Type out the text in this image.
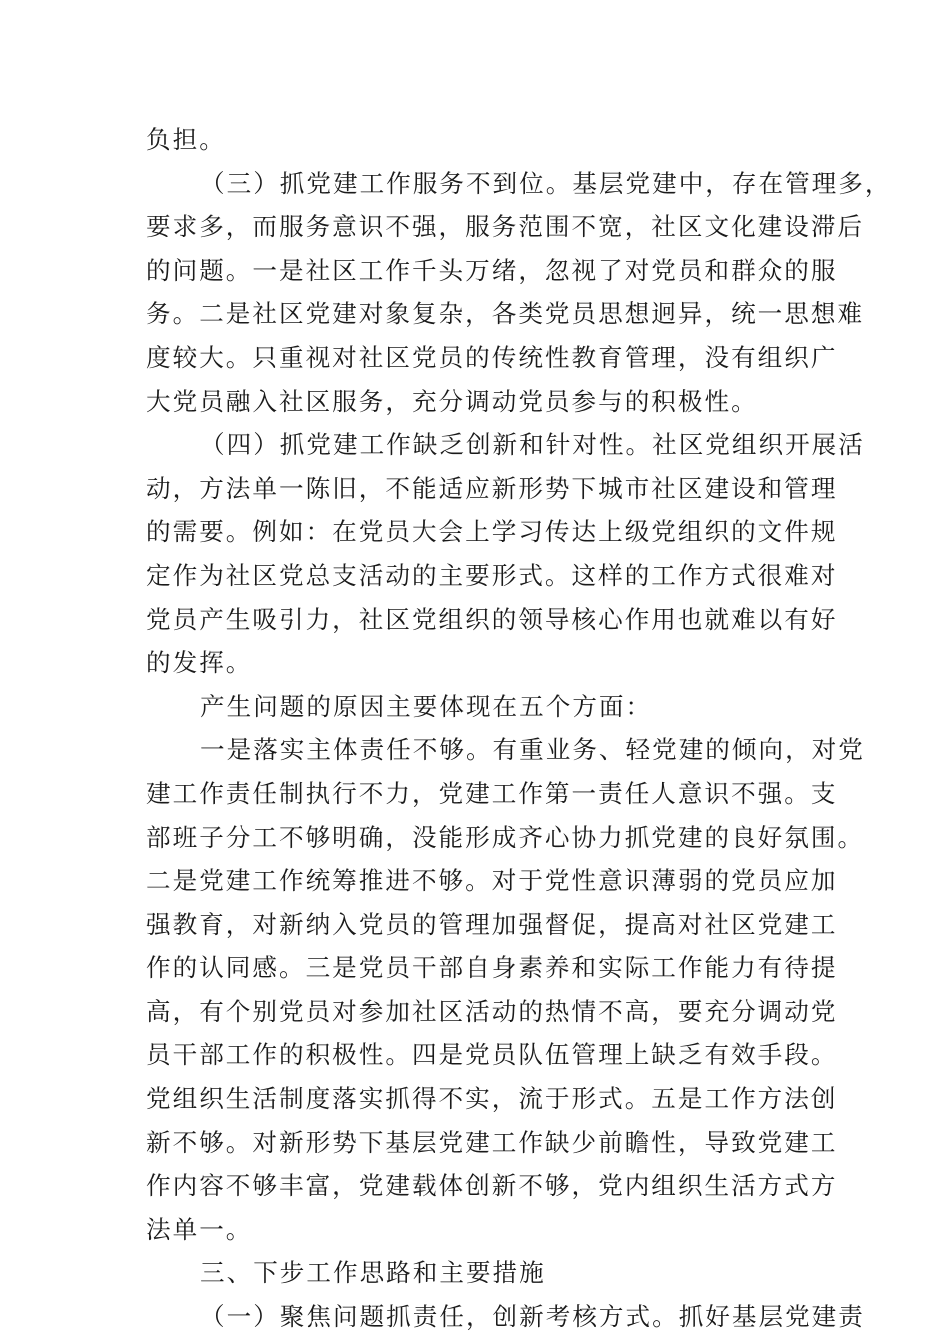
负担。
（三）抓党建工作服务不到位。基层党建中，存在管理多，
要求多，而服务意识不强，服务范围不宽，社区文化建设滞后
的问题。一是社区工作千头万绪，忽视了对党员和群众的服
务。二是社区党建对象复杂，各类党员思想迥异，统一思想难
度较大。只重视对社区党员的传统性教育管理，没有组织广
大党员融入社区服务，充分调动党员参与的积极性。
（四）抓党建工作缺乏创新和针对性。社区党组织开展活
动，方法单一陈旧，不能适应新形势下城市社区建设和管理
的需要。例如：在党员大会上学习传达上级党组织的文件规
定作为社区党总支活动的主要形式。这样的工作方式很难对
党员产生吸引力，社区党组织的领导核心作用也就难以有好
的发挥。
产生问题的原因主要体现在五个方面：
一是落实主体责任不够。有重业务、轻党建的倾向，对党
建工作责任制执行不力，党建工作第一责任人意识不强。支
部班子分工不够明确，没能形成齐心协力抓党建的良好氛围。
二是党建工作统筹推进不够。对于党性意识薄弱的党员应加
强教育，对新纳入党员的管理加强督促，提高对社区党建工
作的认同感。三是党员干部自身素养和实际工作能力有待提
高，有个别党员对参加社区活动的热情不高，要充分调动党
员干部工作的积极性。四是党员队伍管理上缺乏有效手段。
党组织生活制度落实抓得不实，流于形式。五是工作方法创
新不够。对新形势下基层党建工作缺少前瞻性，导致党建工
作内容不够丰富，党建载体创新不够，党内组织生活方式方
法单一。
三、下步工作思路和主要措施
（一）聚焦问题抓责任，创新考核方式。抓好基层党建责
